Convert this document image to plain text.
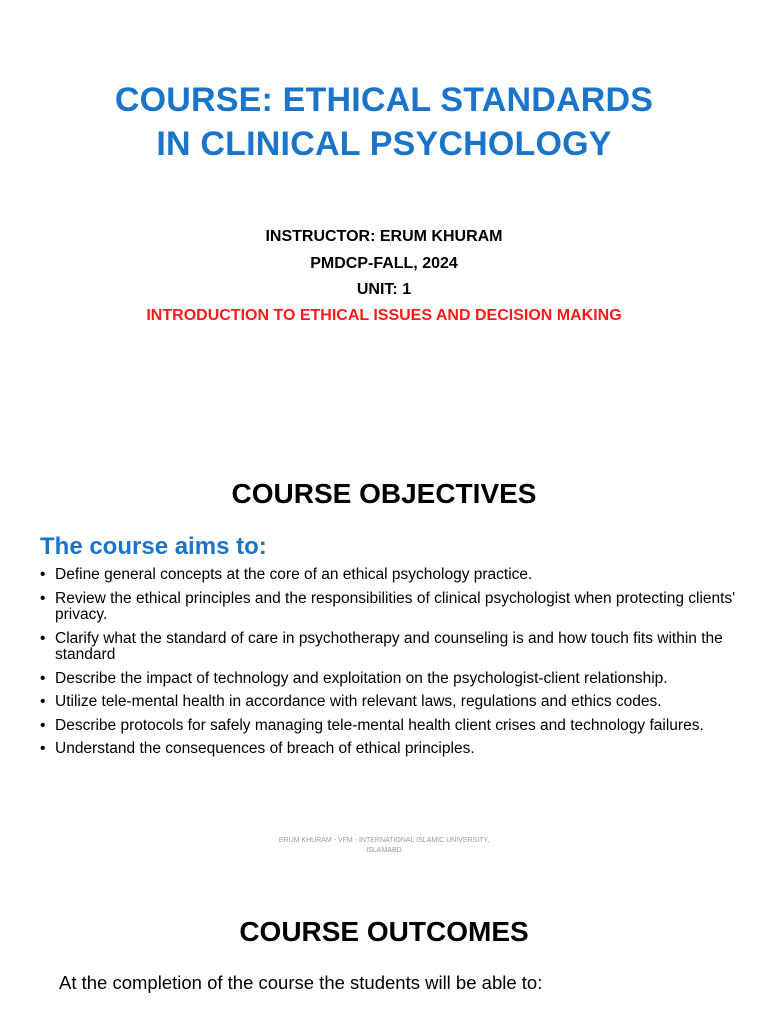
COURSE: ETHICAL STANDARDS
IN CLINICAL PSYCHOLOGY
INSTRUCTOR: ERUM KHURAM
PMDCP-FALL, 2024
UNIT: 1
INTRODUCTION TO ETHICAL ISSUES AND DECISION MAKING
COURSE OBJECTIVES
The course aims to:
• Define general concepts at the core of an ethical psychology practice.
• Review the ethical principles and the responsibilities of clinical psychologist when protecting clients' privacy.
• Clarify what the standard of care in psychotherapy and counseling is and how touch fits within the standard
• Describe the impact of technology and exploitation on the psychologist-client relationship.
• Utilize tele-mental health in accordance with relevant laws, regulations and ethics codes.
• Describe protocols for safely managing tele-mental health client crises and technology failures.
• Understand the consequences of breach of ethical principles.
ERUM KHURAM - VFM - INTERNATIONAL ISLAMIC UNIVERSITY,
ISLAMABD
COURSE OUTCOMES
At the completion of the course the students will be able to:
